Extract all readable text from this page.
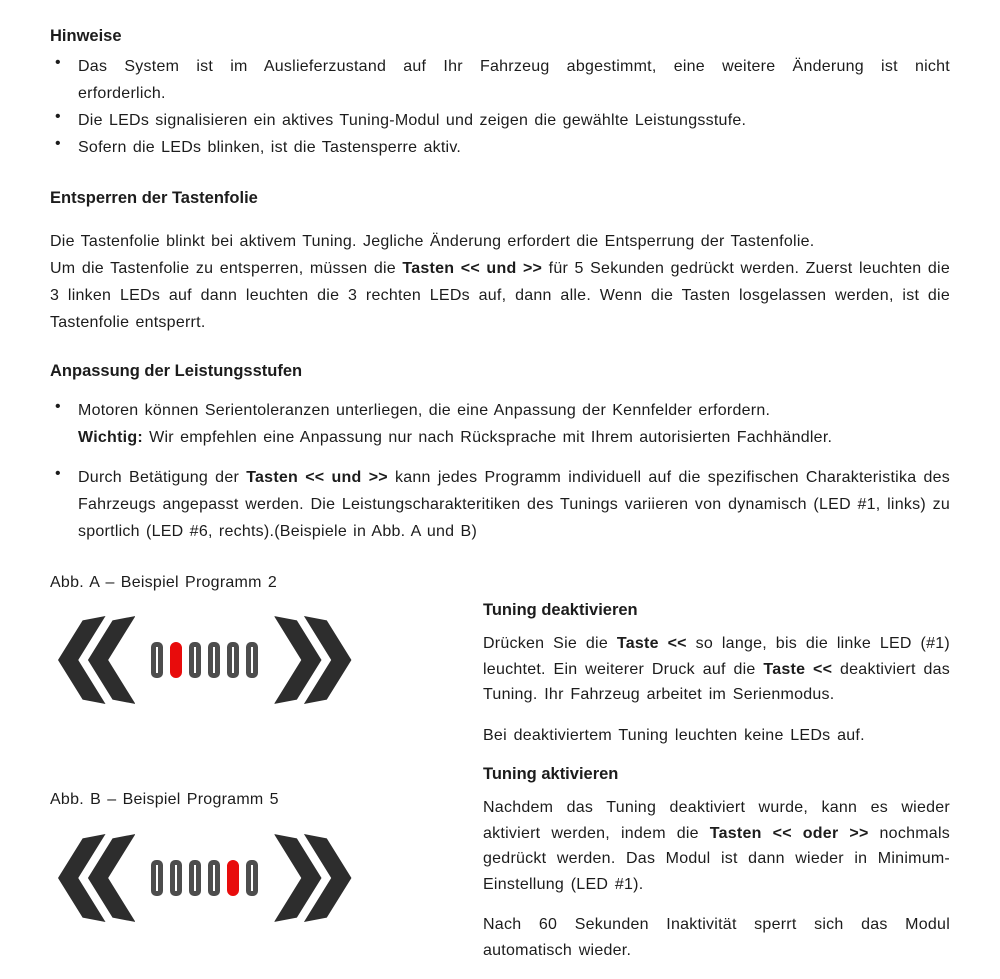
Hinweise
•	Das System ist im Auslieferzustand auf Ihr Fahrzeug abgestimmt, eine weitere Änderung ist nicht
erforderlich.
•	Die LEDs signalisieren ein aktives Tuning-Modul und zeigen die gewählte Leistungsstufe.
•	Sofern die LEDs blinken, ist die Tastensperre aktiv.
Entsperren der Tastenfolie
Die Tastenfolie blinkt bei aktivem Tuning. Jegliche Änderung erfordert die Entsperrung der Tastenfolie.
Um die Tastenfolie zu entsperren, müssen die Tasten << und >> für 5 Sekunden gedrückt werden. Zuerst leuchten die 3 linken LEDs auf dann leuchten die 3 rechten LEDs auf, dann alle. Wenn die Tasten losgelassen werden, ist die Tastenfolie entsperrt.
Anpassung der Leistungsstufen
•	Motoren können Serientoleranzen unterliegen, die eine Anpassung der Kennfelder erfordern.
Wichtig: Wir empfehlen eine Anpassung nur nach Rücksprache mit Ihrem autorisierten Fachhändler.
•	Durch Betätigung der Tasten << und >> kann jedes Programm individuell auf die spezifischen Charakteristika des Fahrzeugs angepasst werden. Die Leistungscharakteritiken des Tunings variieren von dynamisch (LED #1, links) zu sportlich (LED #6, rechts).(Beispiele in Abb. A und B)
Abb. A – Beispiel Programm 2
Abb. B – Beispiel Programm 5
Tuning deaktivieren
Drücken Sie die Taste << so lange, bis die linke LED (#1) leuchtet. Ein weiterer Druck auf die Taste << deaktiviert das Tuning. Ihr Fahrzeug arbeitet im Serienmodus.
Bei deaktiviertem Tuning leuchten keine LEDs auf.
Tuning aktivieren
Nachdem das Tuning deaktiviert wurde, kann es wieder aktiviert werden, indem die Tasten << oder >> nochmals gedrückt werden. Das Modul ist dann wieder in Minimum-Einstellung (LED #1).
Nach 60 Sekunden Inaktivität sperrt sich das Modul automatisch wieder.
